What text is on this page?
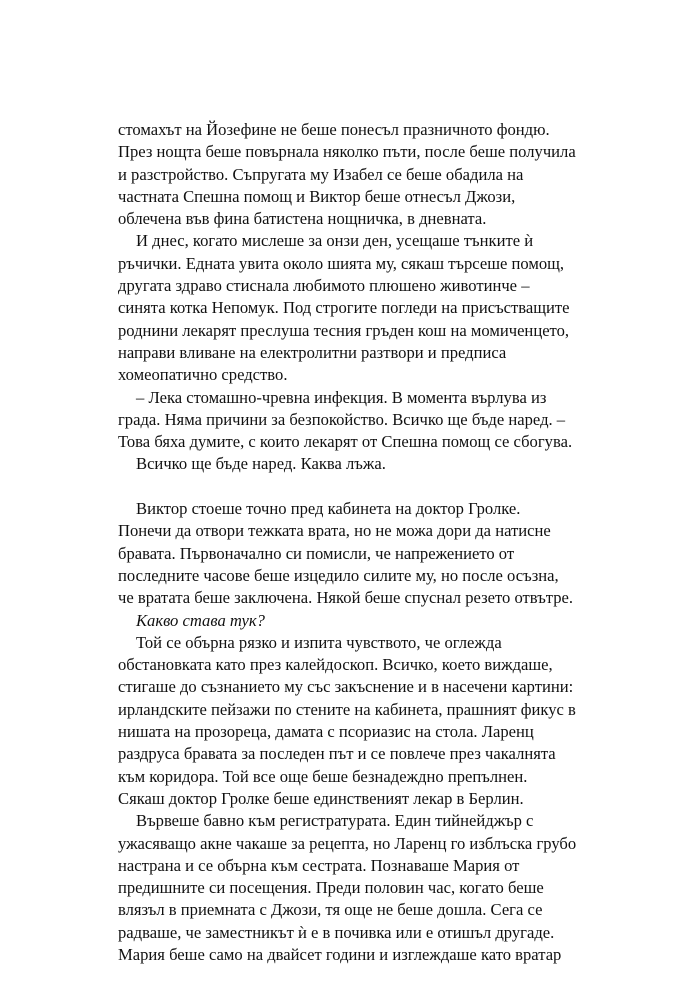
стомахът на Йозефине не беше понесъл празничното фондю.
През нощта беше повърнала няколко пъти, после беше получила
и разстройство. Съпругата му Изабел се беше обадила на
частната Спешна помощ и Виктор беше отнесъл Джози,
облечена във фина батистена нощничка, в дневната.
И днес, когато мислеше за онзи ден, усещаше тънките ѝ
ръчички. Едната увита около шията му, сякаш търсеше помощ,
другата здраво стиснала любимото плюшено животинче –
синята котка Непомук. Под строгите погледи на присъстващите
роднини лекарят преслуша тесния гръден кош на момиченцето,
направи вливане на електролитни разтвори и предписа
хомеопатично средство.
– Лека стомашно-чревна инфекция. В момента върлува из
града. Няма причини за безпокойство. Всичко ще бъде наред. –
Това бяха думите, с които лекарят от Спешна помощ се сбогува.
Всичко ще бъде наред. Каква лъжа.
Виктор стоеше точно пред кабинета на доктор Гролке.
Понечи да отвори тежката врата, но не можа дори да натисне
бравата. Първоначално си помисли, че напрежението от
последните часове беше изцедило силите му, но после осъзна,
че вратата беше заключена. Някой беше спуснал резето отвътре.
Какво става тук?
Той се обърна рязко и изпита чувството, че оглежда
обстановката като през калейдоскоп. Всичко, което виждаше,
стигаше до съзнанието му със закъснение и в насечени картини:
ирландските пейзажи по стените на кабинета, прашният фикус в
нишата на прозореца, дамата с псориазис на стола. Ларенц
раздруса бравата за последен път и се повлече през чакалнята
към коридора. Той все още беше безнадеждно препълнен.
Сякаш доктор Гролке беше единственият лекар в Берлин.
Вървеше бавно към регистратурата. Един тийнейджър с
ужасяващо акне чакаше за рецепта, но Ларенц го изблъска грубо
настрана и се обърна към сестрата. Познаваше Мария от
предишните си посещения. Преди половин час, когато беше
влязъл в приемната с Джози, тя още не беше дошла. Сега се
радваше, че заместникът ѝ е в почивка или е отишъл другаде.
Мария беше само на двайсет години и изглеждаше като вратар
